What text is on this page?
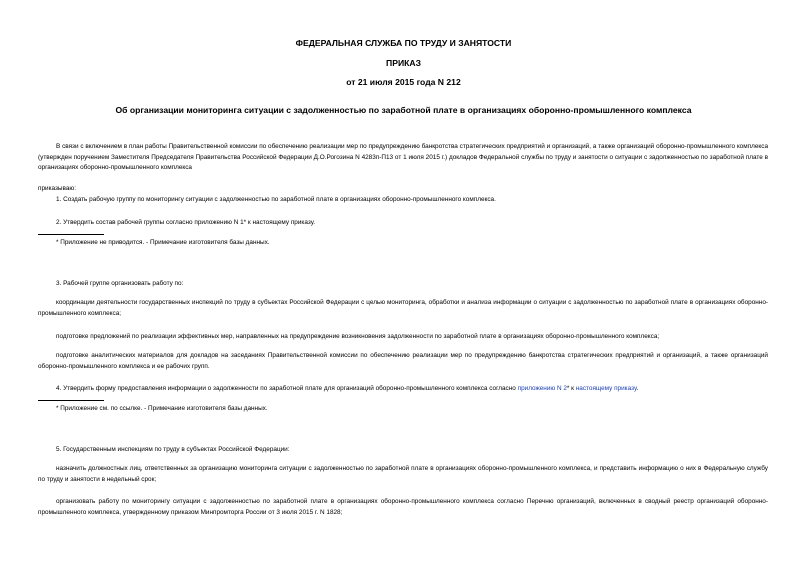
ФЕДЕРАЛЬНАЯ СЛУЖБА ПО ТРУДУ И ЗАНЯТОСТИ
ПРИКАЗ
от 21 июля 2015 года N 212
Об организации мониторинга ситуации с задолженностью по заработной плате в организациях оборонно-промышленного комплекса
В связи с включением в план работы Правительственной комиссии по обеспечению реализации мер по предупреждению банкротства стратегических предприятий и организаций, а также организаций оборонно-промышленного комплекса (утвержден поручением Заместителя Председателя Правительства Российской Федерации Д.О.Рогозина N 4283п-П13 от 1 июля 2015 г.) докладов Федеральной службы по труду и занятости о ситуации с задолженностью по заработной плате в организациях оборонно-промышленного комплекса
приказываю:
1. Создать рабочую группу по мониторингу ситуации с задолженностью по заработной плате в организациях оборонно-промышленного комплекса.
2. Утвердить состав рабочей группы согласно приложению N 1* к настоящему приказу.
* Приложение не приводится. - Примечание изготовителя базы данных.
3. Рабочей группе организовать работу по:
координации деятельности государственных инспекций по труду в субъектах Российской Федерации с целью мониторинга, обработки и анализа информации о ситуации с задолженностью по заработной плате в организациях оборонно-промышленного комплекса;
подготовке предложений по реализации эффективных мер, направленных на предупреждение возникновения задолженности по заработной плате в организациях оборонно-промышленного комплекса;
подготовке аналитических материалов для докладов на заседаниях Правительственной комиссии по обеспечению реализации мер по предупреждению банкротства стратегических предприятий и организаций, а также организаций оборонно-промышленного комплекса и ее рабочих групп.
4. Утвердить форму предоставления информации о задолженности по заработной плате для организаций оборонно-промышленного комплекса согласно приложению N 2* к настоящему приказу.
* Приложение см. по ссылке. - Примечание изготовителя базы данных.
5. Государственным инспекциям по труду в субъектах Российской Федерации:
назначить должностных лиц, ответственных за организацию мониторинга ситуации с задолженностью по заработной плате в организациях оборонно-промышленного комплекса, и представить информацию о них в Федеральную службу по труду и занятости в недельный срок;
организовать работу по мониторингу ситуации с задолженностью по заработной плате в организациях оборонно-промышленного комплекса согласно Перечню организаций, включенных в сводный реестр организаций оборонно-промышленного комплекса, утвержденному приказом Минпромторга России от 3 июля 2015 г. N 1828;
